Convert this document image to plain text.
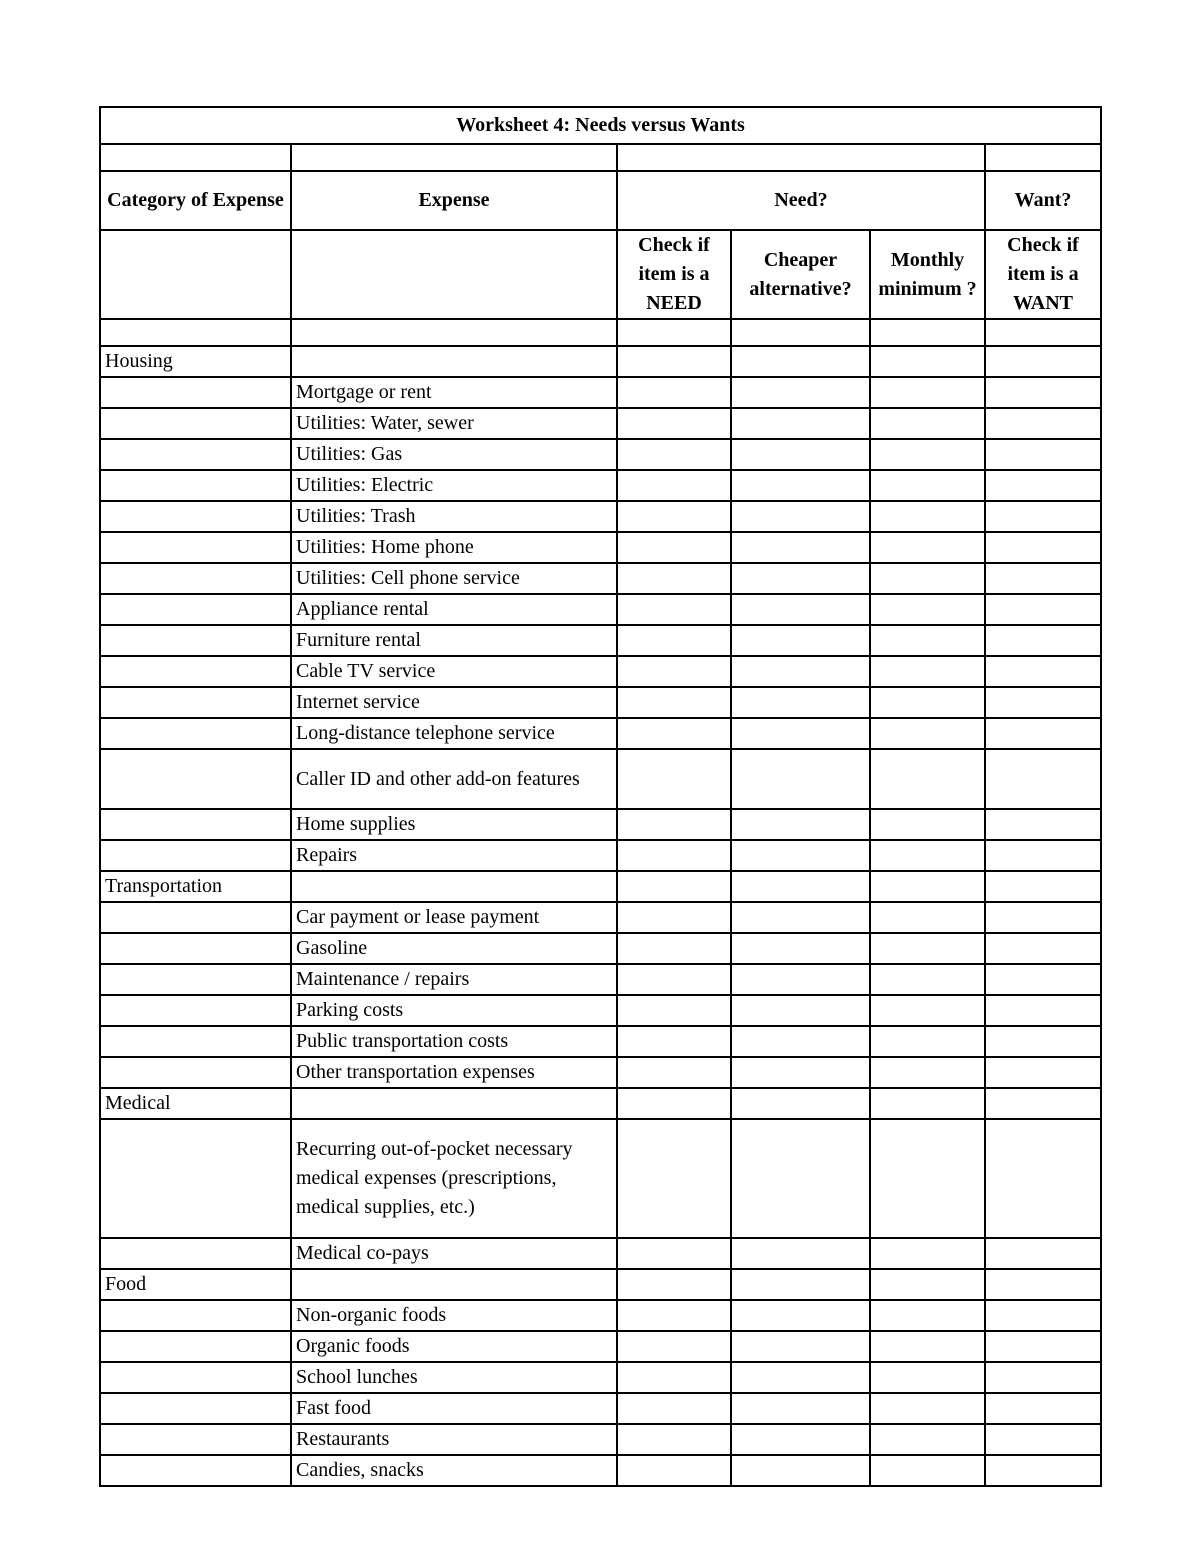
Worksheet 4: Needs versus Wants					

Category of Expense	Expense	Need?			Want?
		Check if item is a NEED	Cheaper alternative?	Monthly minimum ?	Check if item is a WANT

Housing					
	Mortgage or rent				
	Utilities: Water, sewer				
	Utilities: Gas				
	Utilities: Electric				
	Utilities: Trash				
	Utilities: Home phone				
	Utilities: Cell phone service				
	Appliance rental				
	Furniture rental				
	Cable TV service				
	Internet service				
	Long-distance telephone service				
	Caller ID and other add-on features				
	Home supplies				
	Repairs				
Transportation					
	Car payment or lease payment				
	Gasoline				
	Maintenance / repairs				
	Parking costs				
	Public transportation costs				
	Other transportation expenses				
Medical					
	Recurring out-of-pocket necessary medical expenses (prescriptions, medical supplies, etc.)				
	Medical co-pays				
Food					
	Non-organic foods				
	Organic foods				
	School lunches				
	Fast food				
	Restaurants				
	Candies, snacks				
